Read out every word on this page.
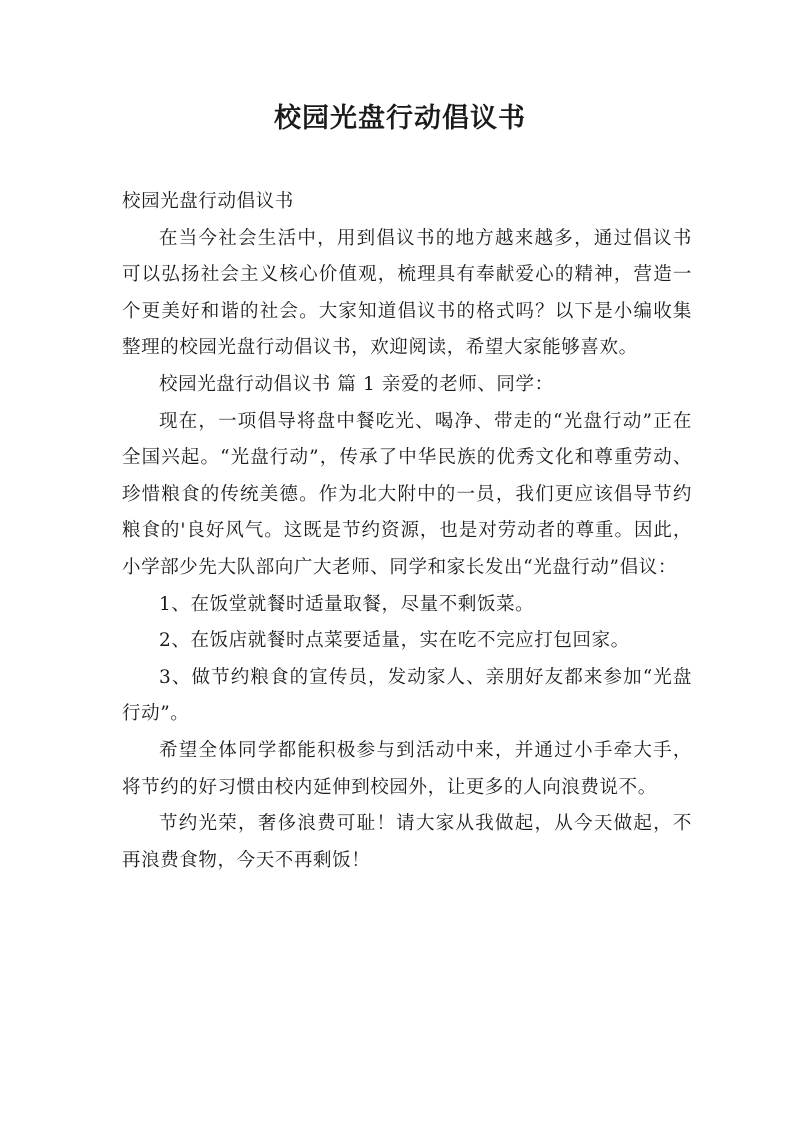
校园光盘行动倡议书

校园光盘行动倡议书

在当今社会生活中，用到倡议书的地方越来越多，通过倡议书可以弘扬社会主义核心价值观，梳理具有奉献爱心的精神，营造一个更美好和谐的社会。大家知道倡议书的格式吗？以下是小编收集整理的校园光盘行动倡议书，欢迎阅读，希望大家能够喜欢。

校园光盘行动倡议书 篇 1 亲爱的老师、同学：

现在，一项倡导将盘中餐吃光、喝净、带走的“光盘行动”正在全国兴起。“光盘行动”，传承了中华民族的优秀文化和尊重劳动、珍惜粮食的传统美德。作为北大附中的一员，我们更应该倡导节约粮食的'良好风气。这既是节约资源，也是对劳动者的尊重。因此，小学部少先大队部向广大老师、同学和家长发出“光盘行动”倡议：

1、在饭堂就餐时适量取餐，尽量不剩饭菜。

2、在饭店就餐时点菜要适量，实在吃不完应打包回家。

3、做节约粮食的宣传员，发动家人、亲朋好友都来参加“光盘行动”。

希望全体同学都能积极参与到活动中来，并通过小手牵大手，将节约的好习惯由校内延伸到校园外，让更多的人向浪费说不。

节约光荣，奢侈浪费可耻！请大家从我做起，从今天做起，不再浪费食物，今天不再剩饭！
